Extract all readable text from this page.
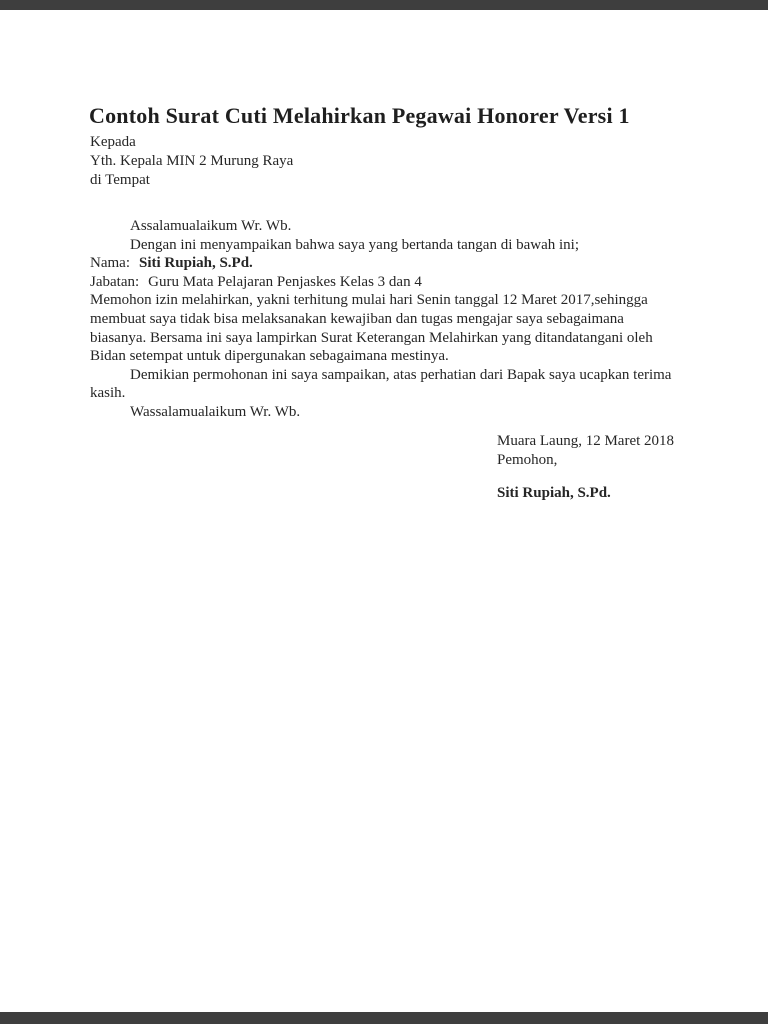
Contoh Surat Cuti Melahirkan Pegawai Honorer Versi 1
Kepada
Yth. Kepala MIN 2 Murung Raya
di Tempat
Assalamualaikum Wr. Wb.
Dengan ini menyampaikan bahwa saya yang bertanda tangan di bawah ini;
Nama: Siti Rupiah, S.Pd.
Jabatan: Guru Mata Pelajaran Penjaskes Kelas 3 dan 4

Memohon izin melahirkan, yakni terhitung mulai hari Senin tanggal 12 Maret 2017,sehingga membuat saya tidak bisa melaksanakan kewajiban dan tugas mengajar saya sebagaimana biasanya. Bersama ini saya lampirkan Surat Keterangan Melahirkan yang ditandatangani oleh Bidan setempat untuk dipergunakan sebagaimana mestinya.

Demikian permohonan ini saya sampaikan, atas perhatian dari Bapak saya ucapkan terima kasih.

Wassalamualaikum Wr. Wb.
Muara Laung, 12 Maret 2018
Pemohon,
Siti Rupiah, S.Pd.
